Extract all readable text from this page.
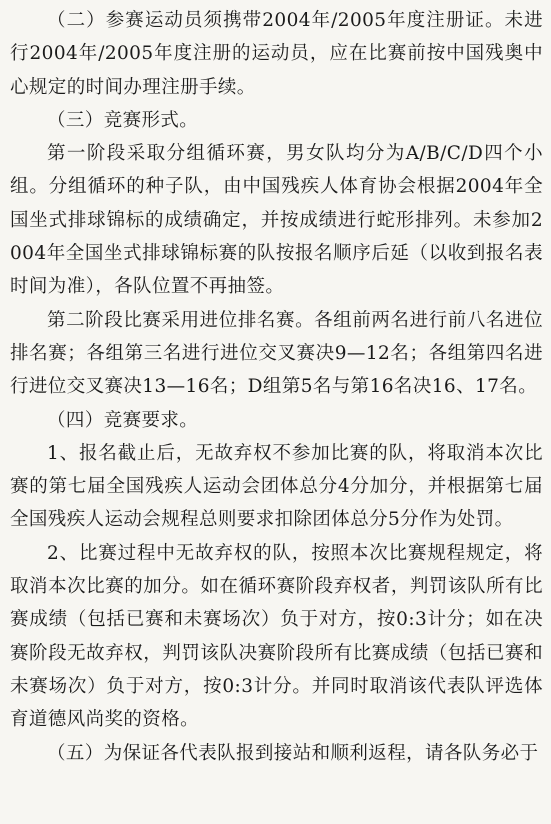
（二）参赛运动员须携带2004年/2005年度注册证。未进行2004年/2005年度注册的运动员，应在比赛前按中国残奥中心规定的时间办理注册手续。

（三）竞赛形式。

第一阶段采取分组循环赛，男女队均分为A/B/C/D四个小组。分组循环的种子队，由中国残疾人体育协会根据2004年全国坐式排球锦标的成绩确定，并按成绩进行蛇形排列。未参加2004年全国坐式排球锦标赛的队按报名顺序后延（以收到报名表时间为准），各队位置不再抽签。

第二阶段比赛采用进位排名赛。各组前两名进行前八名进位排名赛；各组第三名进行进位交叉赛决9—12名；各组第四名进行进位交叉赛决13—16名；D组第5名与第16名决16、17名。

（四）竞赛要求。

1、报名截止后，无故弃权不参加比赛的队，将取消本次比赛的第七届全国残疾人运动会团体总分4分加分，并根据第七届全国残疾人运动会规程总则要求扣除团体总分5分作为处罚。

2、比赛过程中无故弃权的队，按照本次比赛规程规定，将取消本次比赛的加分。如在循环赛阶段弃权者，判罚该队所有比赛成绩（包括已赛和未赛场次）负于对方，按0:3计分；如在决赛阶段无故弃权，判罚该队决赛阶段所有比赛成绩（包括已赛和未赛场次）负于对方，按0:3计分。并同时取消该代表队评选体育道德风尚奖的资格。

（五）为保证各代表队报到接站和顺利返程，请各队务必于
